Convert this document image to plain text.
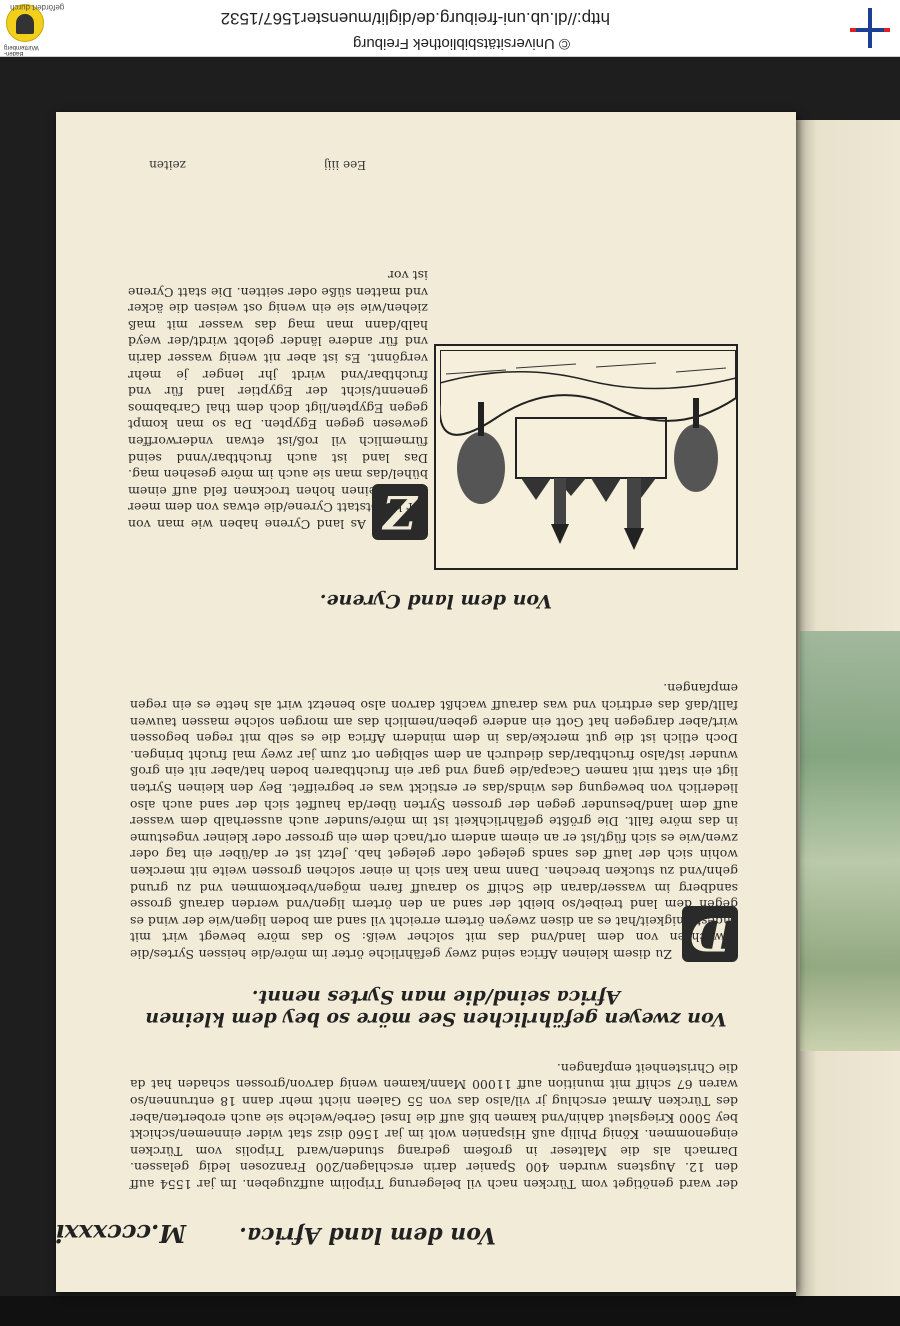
http://dl.ub.uni-freiburg.de/diglit/muenster1567/1532
© Universitätsbibliothek Freiburg
Baden-Württemberg
gefördert durch
Von dem land Africa.
M.cccxxxi
der ward genötiget vom Türcken nach vil belegerung Tripolim auffzugeben. Im jar 1554 auff den 12. Augstens wurden 400 Spanier darin erschlagen/200 Franzosen ledig gelassen. Darnach als die Malteser in großem gedrang stunden/ward Tripolis vom Türcken eingenommen. König Philip auß Hispanien wolt im jar 1560 disz stat wider einnemen/schickt bey 5000 Kriegsleut dahin/vnd kamen biß auff die Insel Gerbe/welche sie auch eroberten/aber des Türcken Armat erschlug jr vil/also das von 55 Galeen nicht mehr dann 18 entrunnen/so waren 67 schiff mit munition auff 11000 Mann/kamen wenig darvon/grossen schaden hat da die Christenheit empfangen.
Von zweyen gefährlichen See möre so bey dem kleinen Africa seind/die man Syrtes nennt.
D
Zu disem kleinen Africa seind zwey gefährliche örter im möre/die heissen Syrtes/die erwachsen von dem land/vnd das mit solcher weiß: So das möre bewegt wirt mit vngestümigkeit/hat es an disen zweyen örtern erreicht vil sand am boden ligen/wie der wind es gegen dem land treibet/so bleibt der sand an den örtern ligen/vnd werden darauß grosse sandberg im wasser/daran die Schiff so darauff faren mögen/vberkommen vnd zu grund gehn/vnd zu stucken brechen. Dann man kan sich in einer solchen grossen weite nit mercken wohin sich der lauff des sands geleget oder geleget hab. Jetzt ist er da/über ein tag oder zwen/wie es sich fügt/ist er an einem andern ort/nach dem ein grosser oder kleiner vngestume in das möre fallt. Die größte gefährlichkeit ist im möre/sunder auch ausserhalb dem wasser auff dem land/besunder gegen der grossen Syrten über/da hauffet sich der sand auch also liederlich von bewegung des winds/das er erstickt was er begreiffet. Bey den kleinen Syrten ligt ein statt mit namen Cacapa/die gang vnd gar ein fruchtbaren boden hat/aber nit ein groß wunder ist/also fruchtbar/das diedurch an dem selbigen ort zum jar zwey mal frucht bringen. Doch etlich ist die gut mercke/das in dem mindern Africa die es selb mit regen begossen wirt/aber dargegen hat Gott ein andere geben/nemlich das am morgen solche massen tauwen fallt/daß das erdtrich vnd was darauff wachßt darvon also benetzt wirt als hette es ein regen empfangen.
Von dem land Cyrene.
Z
As land Cyrene haben wie man von der hauptstatt Cyrene/die etwas von dem meer ligt/hat einen hohen trocknen feld auff einem bühel/das man sie auch im möre gesehen mag. Das land ist auch fruchtbar/vnnd seind fürnemlich vil roß/ist etwan vnderworffen gewesen gegen Egypten. Da so man kompt gegen Egypten/ligt doch dem thal Carbabmos genennt/sicht der Egyptier land für vnd fruchtbar/vnd wirdt jhr lenger je mehr vergönnt. Es ist aber nit wenig wasser darin vnd für andere länder gelobt wirdt/der weyd halb/dann man mag das wasser mit maß ziehen/wie sie ein wenig ost weisen die äcker vnd matten süße oder seitten. Die statt Cyrene ist vor
Eee iiij
zeiten
